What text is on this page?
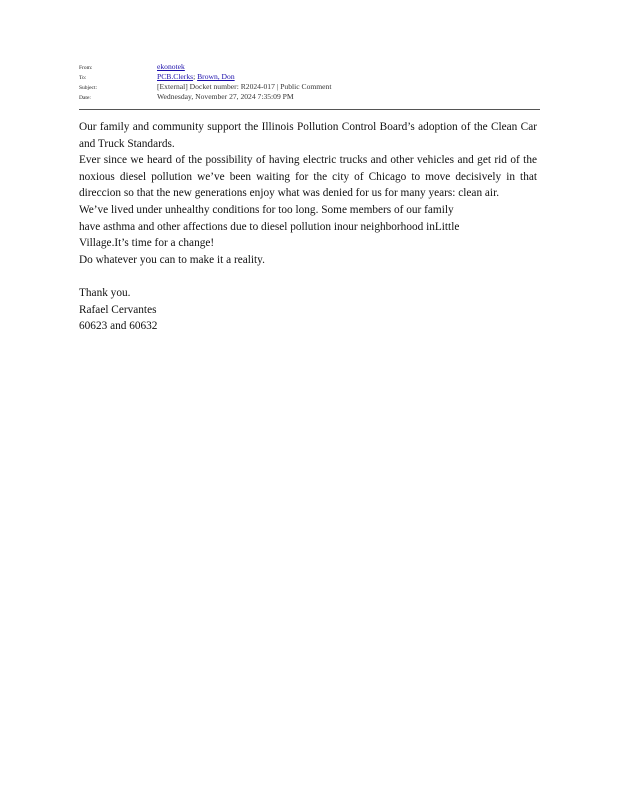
From:	ekonotek
To:	PCB.Clerks; Brown, Don
Subject:	[External] Docket number: R2024-017 | Public Comment
Date:	Wednesday, November 27, 2024 7:35:09 PM

Our family and community support the Illinois Pollution Control Board’s adoption of the Clean Car and Truck Standards.

Ever since we heard of the possibility of having electric trucks and other vehicles and get rid of the noxious diesel pollution we’ve been waiting for the city of Chicago to move decisively in that direccion so that the new generations enjoy what was denied for us for many years: clean air.

We’ve lived under unhealthy conditions for too long. Some members of our family

have asthma and other affections due to diesel pollution inour neighborhood inLittle

Village.It’s time for a change!

Do whatever you can to make it a reality.

Thank you.

Rafael Cervantes

60623 and 60632
